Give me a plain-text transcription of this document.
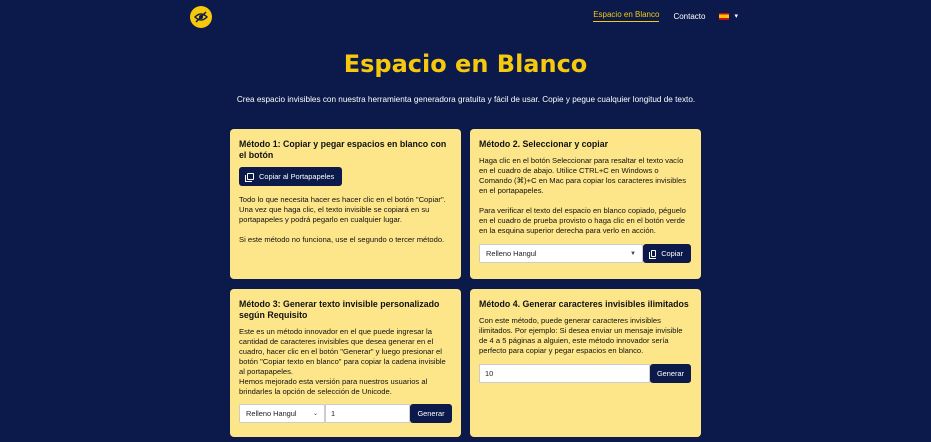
Espacio en Blanco Contacto	▾
Espacio en Blanco
Crea espacio invisibles con nuestra herramienta generadora gratuita y fácil de usar. Copie y pegue cualquier longitud de texto.
Método 1: Copiar y pegar espacios en blanco con el botón
Copiar al Portapapeles

Todo lo que necesita hacer es hacer clic en el botón "Copiar". Una vez que haga clic, el texto invisible se copiará en su portapapeles y podrá pegarlo en cualquier lugar.

Si este método no funciona, use el segundo o tercer método.

Método 2. Seleccionar y copiar

Haga clic en el botón Seleccionar para resaltar el texto vacío en el cuadro de abajo. Utilice CTRL+C en Windows o Comando (⌘)+C en Mac para copiar los caracteres invisibles en el portapapeles.

Para verificar el texto del espacio en blanco copiado, péguelo en el cuadro de prueba provisto o haga clic en el botón verde en la esquina superior derecha para verlo en acción.

Relleno Hangul	▼	Copiar
Método 3: Generar texto invisible personalizado según Requisito

Este es un método innovador en el que puede ingresar la cantidad de caracteres invisibles que desea generar en el cuadro, hacer clic en el botón "Generar" y luego presionar el botón "Copiar texto en blanco" para copiar la cadena invisible al portapapeles.

Hemos mejorado esta versión para nuestros usuarios al brindarles la opción de selección de Unicode.

Relleno Hangul	⌄	1	Generar
Método 4. Generar caracteres invisibles ilimitados

Con este método, puede generar caracteres invisibles ilimitados. Por ejemplo: Si desea enviar un mensaje invisible de 4 a 5 páginas a alguien, este método innovador sería perfecto para copiar y pegar espacios en blanco.

10	Generar
